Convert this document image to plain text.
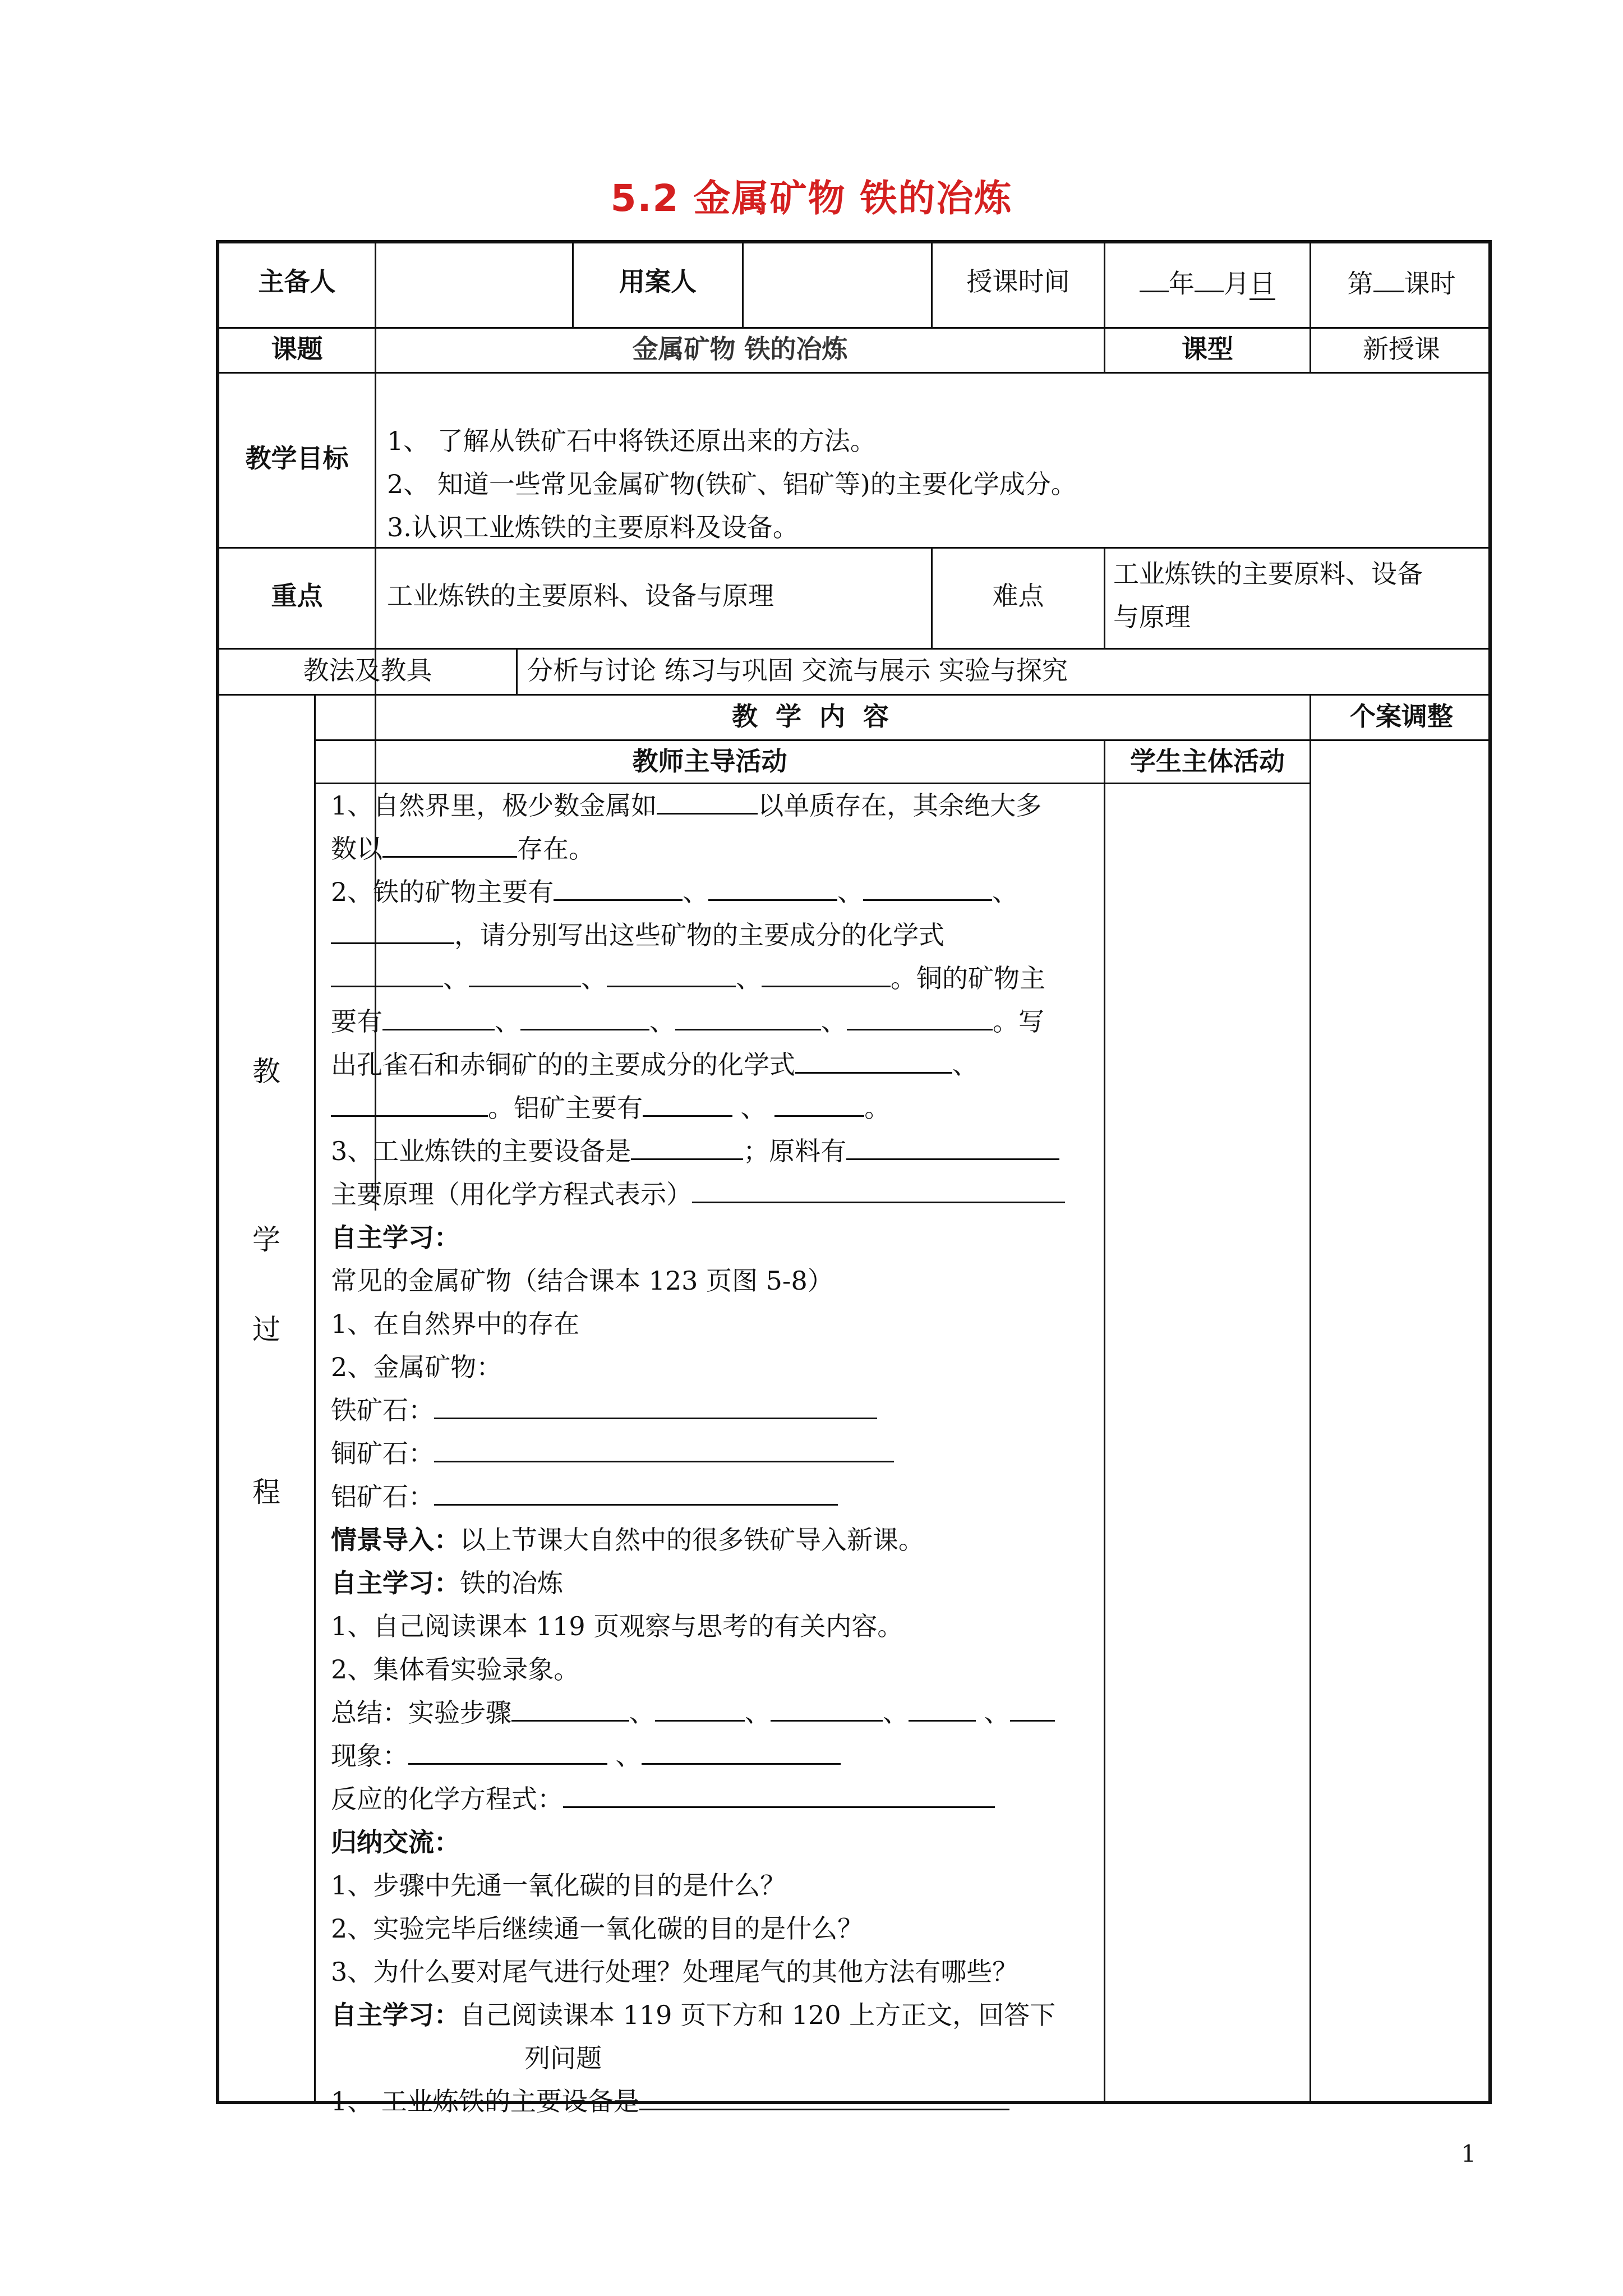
5.2 金属矿物 铁的冶炼
主备人	用案人	授课时间	年 月日	第 课时
课题	金属矿物 铁的冶炼	课型	新授课
教学目标
1、 了解从铁矿石中将铁还原出来的方法。
2、 知道一些常见金属矿物(铁矿、铝矿等)的主要化学成分。
3.认识工业炼铁的主要原料及设备。
重点	工业炼铁的主要原料、设备与原理	难点
工业炼铁的主要原料、设备
与原理
教法及教具	分析与讨论 练习与巩固 交流与展示 实验与探究
教 学 内 容	个案调整
教师主导活动	学生主体活动
教
学
过
程
1、自然界里，极少数金属如	以单质存在，其余绝大多
数以	存在。
2、铁的矿物主要有	、	、	、
，请分别写出这些矿物的主要成分的化学式
、	、	、	。铜的矿物主
要有	、	、	、	。写
出孔雀石和赤铜矿的的主要成分的化学式	、
。铝矿主要有	、	。
3、工业炼铁的主要设备是	；原料有
主要原理（用化学方程式表示）
自主学习：
常见的金属矿物（结合课本 123 页图 5-8）
1、在自然界中的存在
2、金属矿物：
铁矿石：
铜矿石：
铝矿石：
情景导入：以上节课大自然中的很多铁矿导入新课。
自主学习：铁的冶炼
1、自己阅读课本 119 页观察与思考的有关内容。
2、集体看实验录象。
总结：实验步骤	、	、	、	、
现象：	、
反应的化学方程式：
归纳交流：
1、步骤中先通一氧化碳的目的是什么？
2、实验完毕后继续通一氧化碳的目的是什么？
3、为什么要对尾气进行处理？处理尾气的其他方法有哪些？
自主学习：自己阅读课本 119 页下方和 120 上方正文，回答下
列问题
1、 工业炼铁的主要设备是
1
